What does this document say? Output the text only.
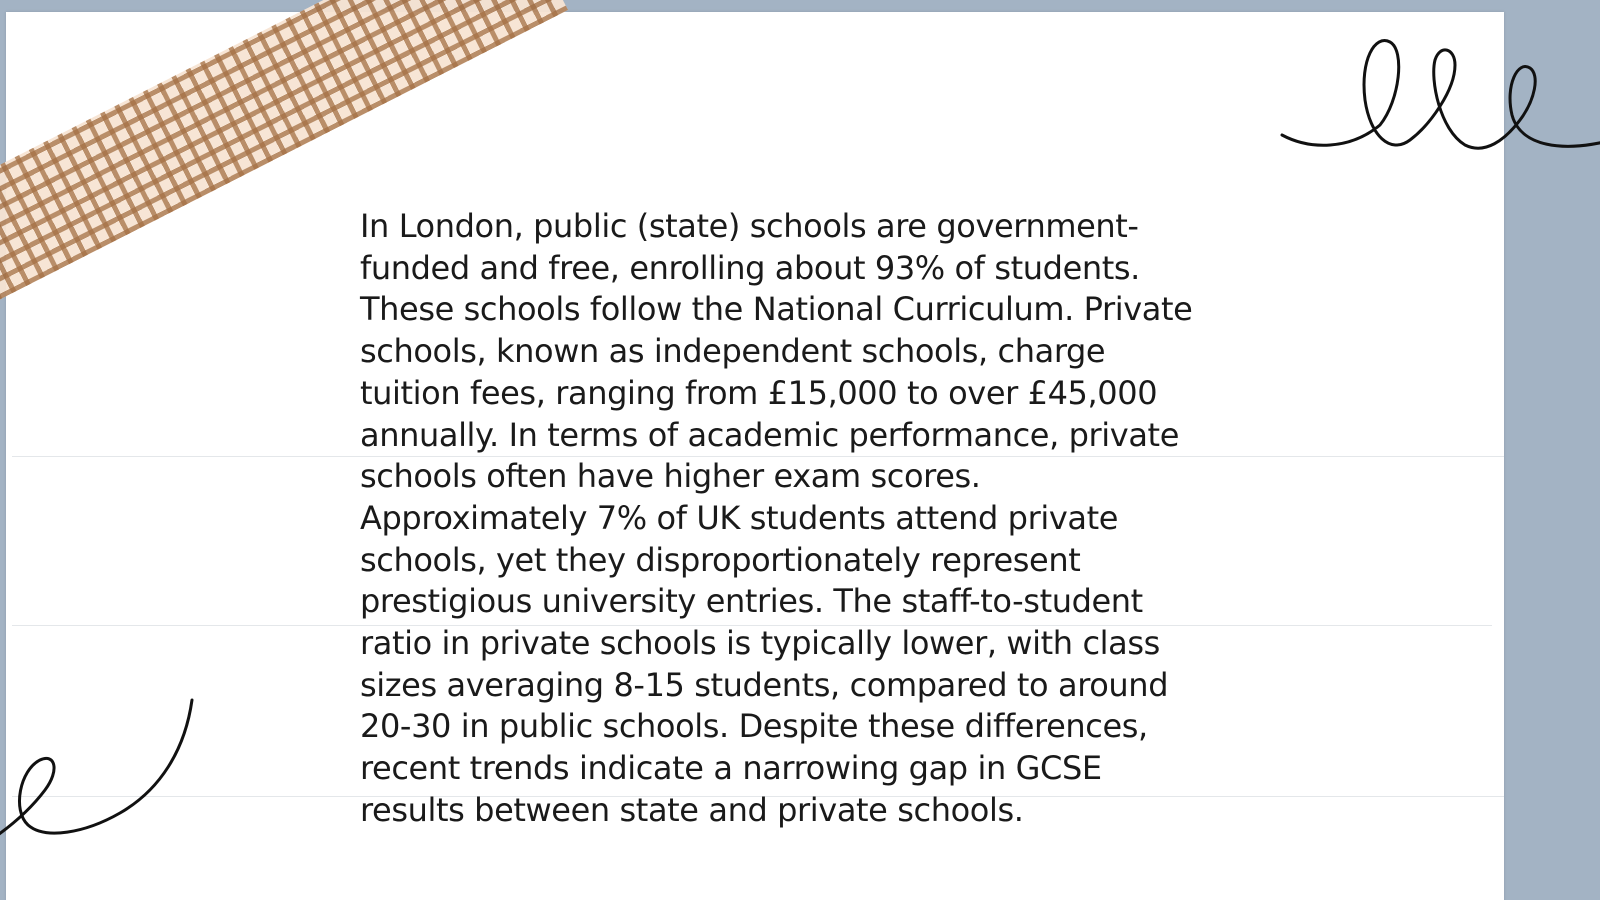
In London, public (state) schools are government-
funded and free, enrolling about 93% of students.
These schools follow the National Curriculum. Private
schools, known as independent schools, charge
tuition fees, ranging from £15,000 to over £45,000
annually. In terms of academic performance, private
schools often have higher exam scores.
Approximately 7% of UK students attend private
schools, yet they disproportionately represent
prestigious university entries. The staff-to-student
ratio in private schools is typically lower, with class
sizes averaging 8-15 students, compared to around
20-30 in public schools. Despite these differences,
recent trends indicate a narrowing gap in GCSE
results between state and private schools.
